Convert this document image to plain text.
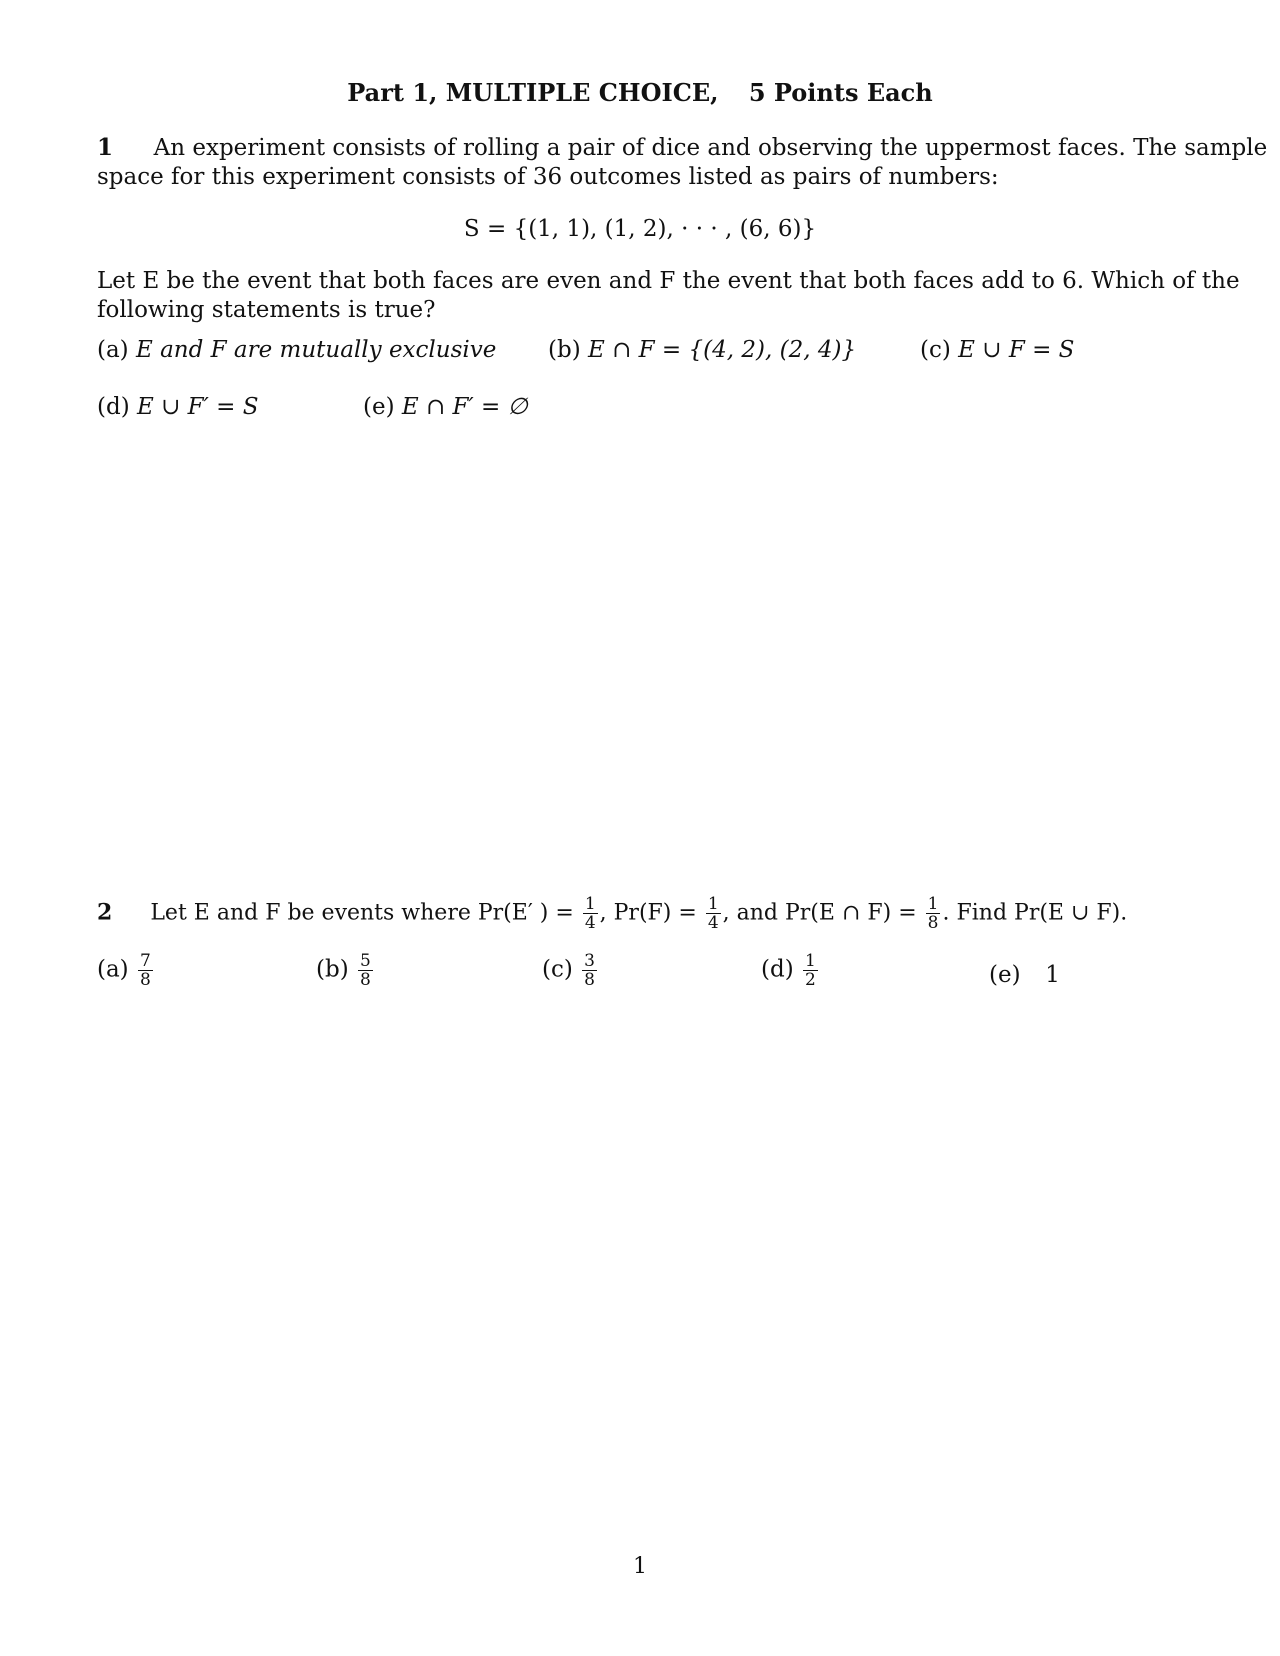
Part 1, MULTIPLE CHOICE, 5 Points Each
1 An experiment consists of rolling a pair of dice and observing the uppermost faces. The sample
space for this experiment consists of 36 outcomes listed as pairs of numbers:
S = {(1, 1), (1, 2), · · · , (6, 6)}
Let E be the event that both faces are even and F the event that both faces add to 6. Which of the
following statements is true?
(a) E and F are mutually exclusive (b) E ∩ F = {(4, 2), (2, 4)}	(c) E ∪ F = S
(d) E ∪ F′ = S	(e) E ∩ F′ = ∅
2 Let E and F be events where Pr(E′ ) = $\frac{1}{4}$ , $Pr(F) = \frac{1}{4}$ , and Pr(E ∩ $F) = \frac{1}{8}$ . Find Pr(E ∪ F).
$(a) \frac{7}{8}$	$(b) \frac{5}{8}$	$(c) \frac{3}{8}$	$(d) \frac{1}{2}$	(e) 1
1
